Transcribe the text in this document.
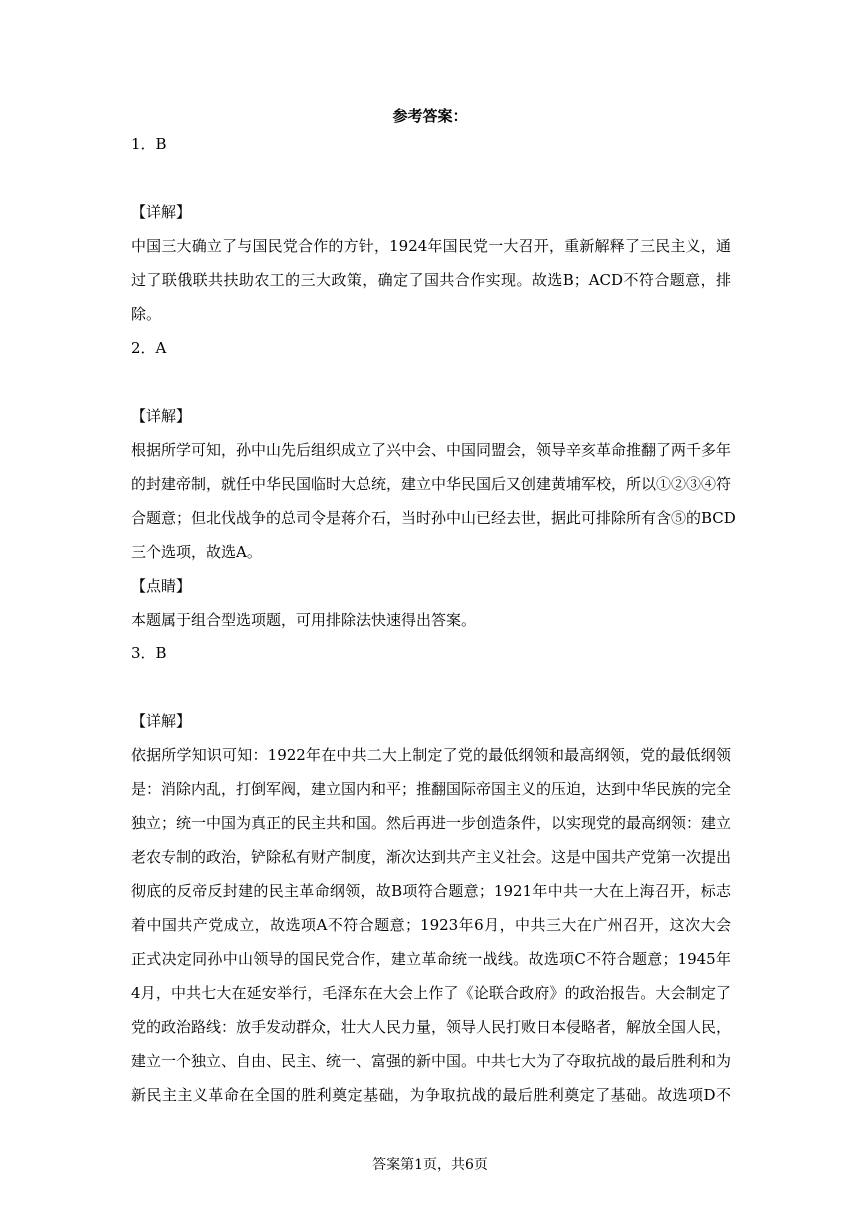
参考答案：
1．B
【详解】
中国三大确立了与国民党合作的方针，1924年国民党一大召开，重新解释了三民主义，通
过了联俄联共扶助农工的三大政策，确定了国共合作实现。故选B；ACD不符合题意，排
除。
2．A
【详解】
根据所学可知，孙中山先后组织成立了兴中会、中国同盟会，领导辛亥革命推翻了两千多年
的封建帝制，就任中华民国临时大总统，建立中华民国后又创建黄埔军校，所以①②③④符
合题意；但北伐战争的总司令是蒋介石，当时孙中山已经去世，据此可排除所有含⑤的BCD
三个选项，故选A。
【点睛】
本题属于组合型选项题，可用排除法快速得出答案。
3．B
【详解】
依据所学知识可知：1922年在中共二大上制定了党的最低纲领和最高纲领，党的最低纲领
是：消除内乱，打倒军阀，建立国内和平；推翻国际帝国主义的压迫，达到中华民族的完全
独立；统一中国为真正的民主共和国。然后再进一步创造条件，以实现党的最高纲领：建立
老农专制的政治，铲除私有财产制度，渐次达到共产主义社会。这是中国共产党第一次提出
彻底的反帝反封建的民主革命纲领，故B项符合题意；1921年中共一大在上海召开，标志
着中国共产党成立，故选项A不符合题意；1923年6月，中共三大在广州召开，这次大会
正式决定同孙中山领导的国民党合作，建立革命统一战线。故选项C不符合题意；1945年
4月，中共七大在延安举行，毛泽东在大会上作了《论联合政府》的政治报告。大会制定了
党的政治路线：放手发动群众，壮大人民力量，领导人民打败日本侵略者，解放全国人民，
建立一个独立、自由、民主、统一、富强的新中国。中共七大为了夺取抗战的最后胜利和为
新民主主义革命在全国的胜利奠定基础，为争取抗战的最后胜利奠定了基础。故选项D不
答案第1页，共6页
